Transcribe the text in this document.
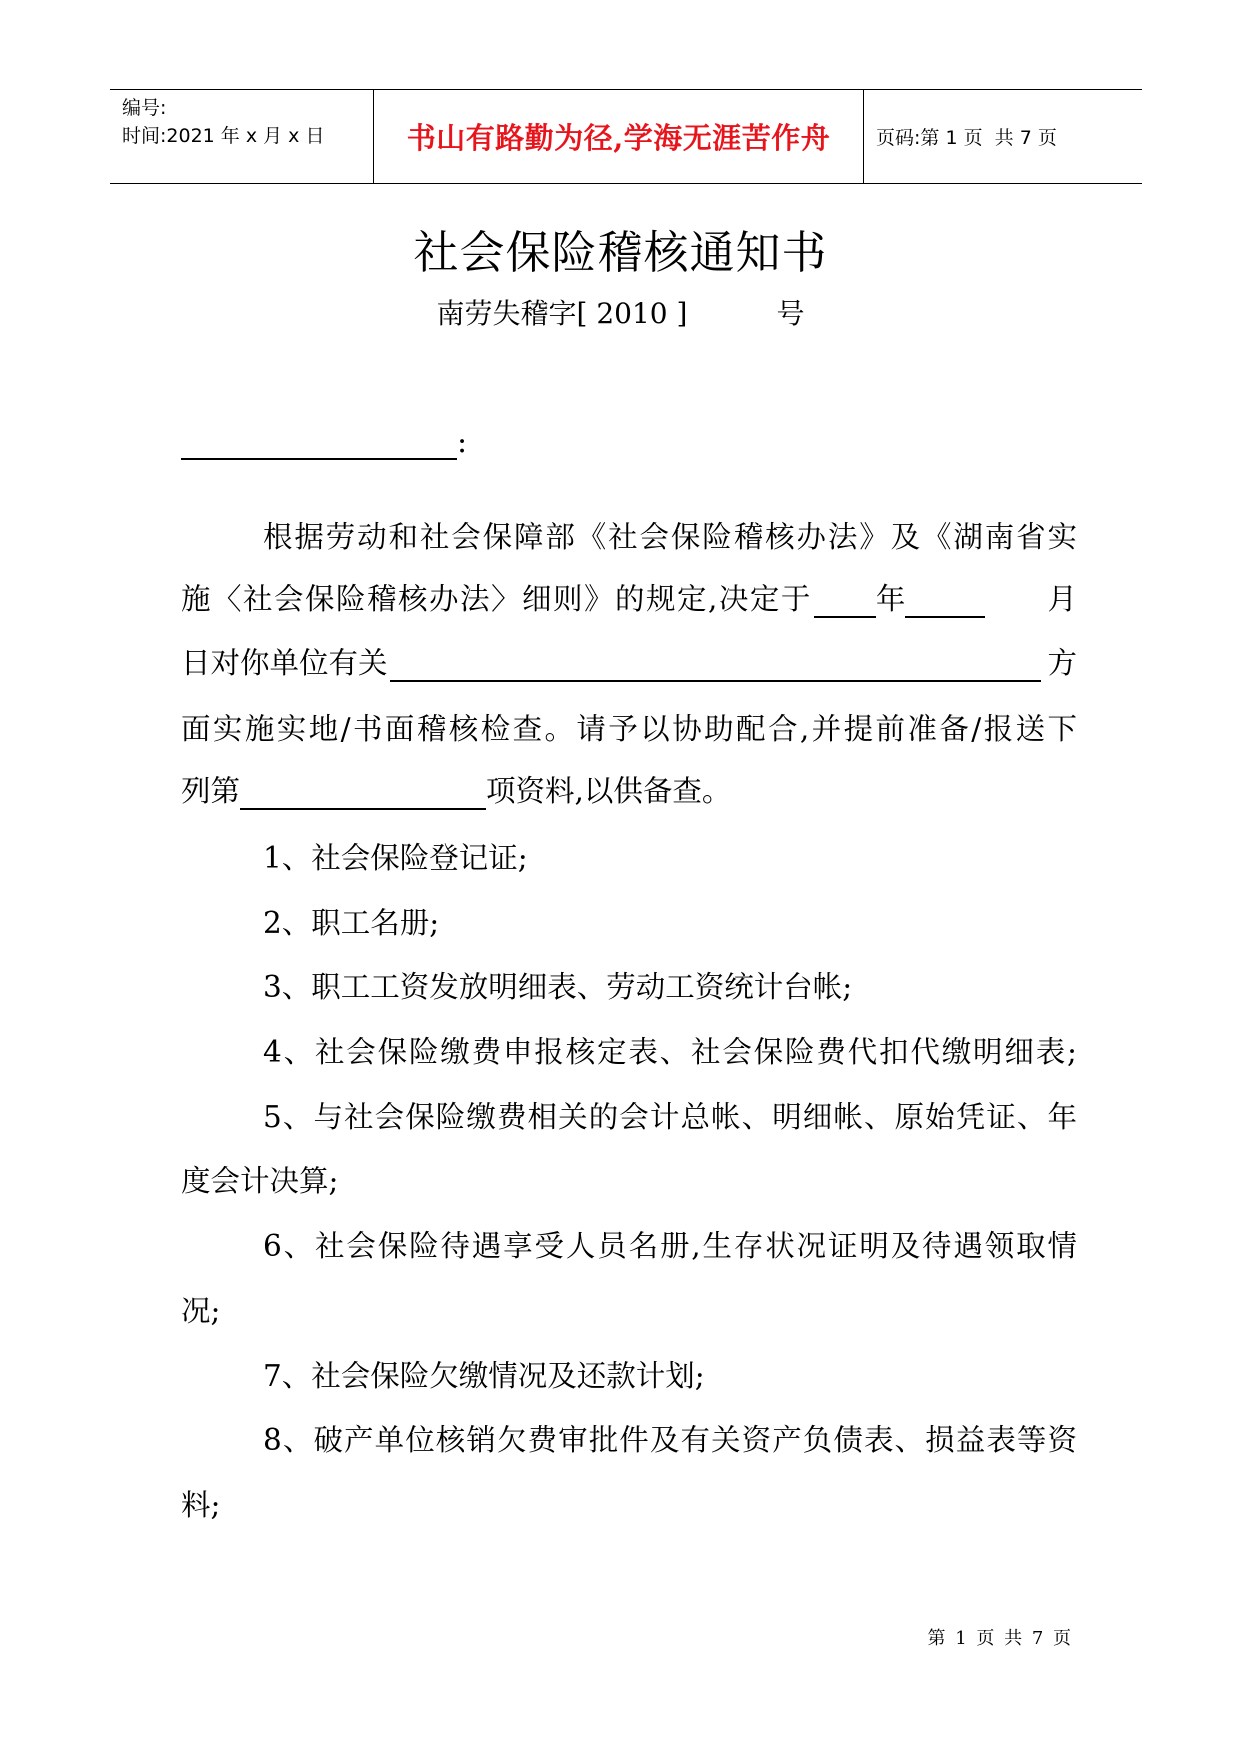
编号:
时间:2021 年 x 月 x 日	书山有路勤为径,学海无涯苦作舟 页码:第 1 页  共 7 页
社会保险稽核通知书
南劳失稽字[ 2010 ]          号
:
根据劳动和社会保障部《社会保险稽核办法》及《湖南省实
施〈社会保险稽核办法〉细则》的规定,决定于 年	月
日对你单位有关	方
面实施实地/书面稽核检查。请予以协助配合,并提前准备/报送下
列第	项资料,以供备查。
1、社会保险登记证;
2、职工名册;
3、职工工资发放明细表、劳动工资统计台帐;
4、社会保险缴费申报核定表、社会保险费代扣代缴明细表;
5、与社会保险缴费相关的会计总帐、明细帐、原始凭证、年
度会计决算;
6、社会保险待遇享受人员名册,生存状况证明及待遇领取情
况;
7、社会保险欠缴情况及还款计划;
8、破产单位核销欠费审批件及有关资产负债表、损益表等资
料;
第 1 页 共 7 页
